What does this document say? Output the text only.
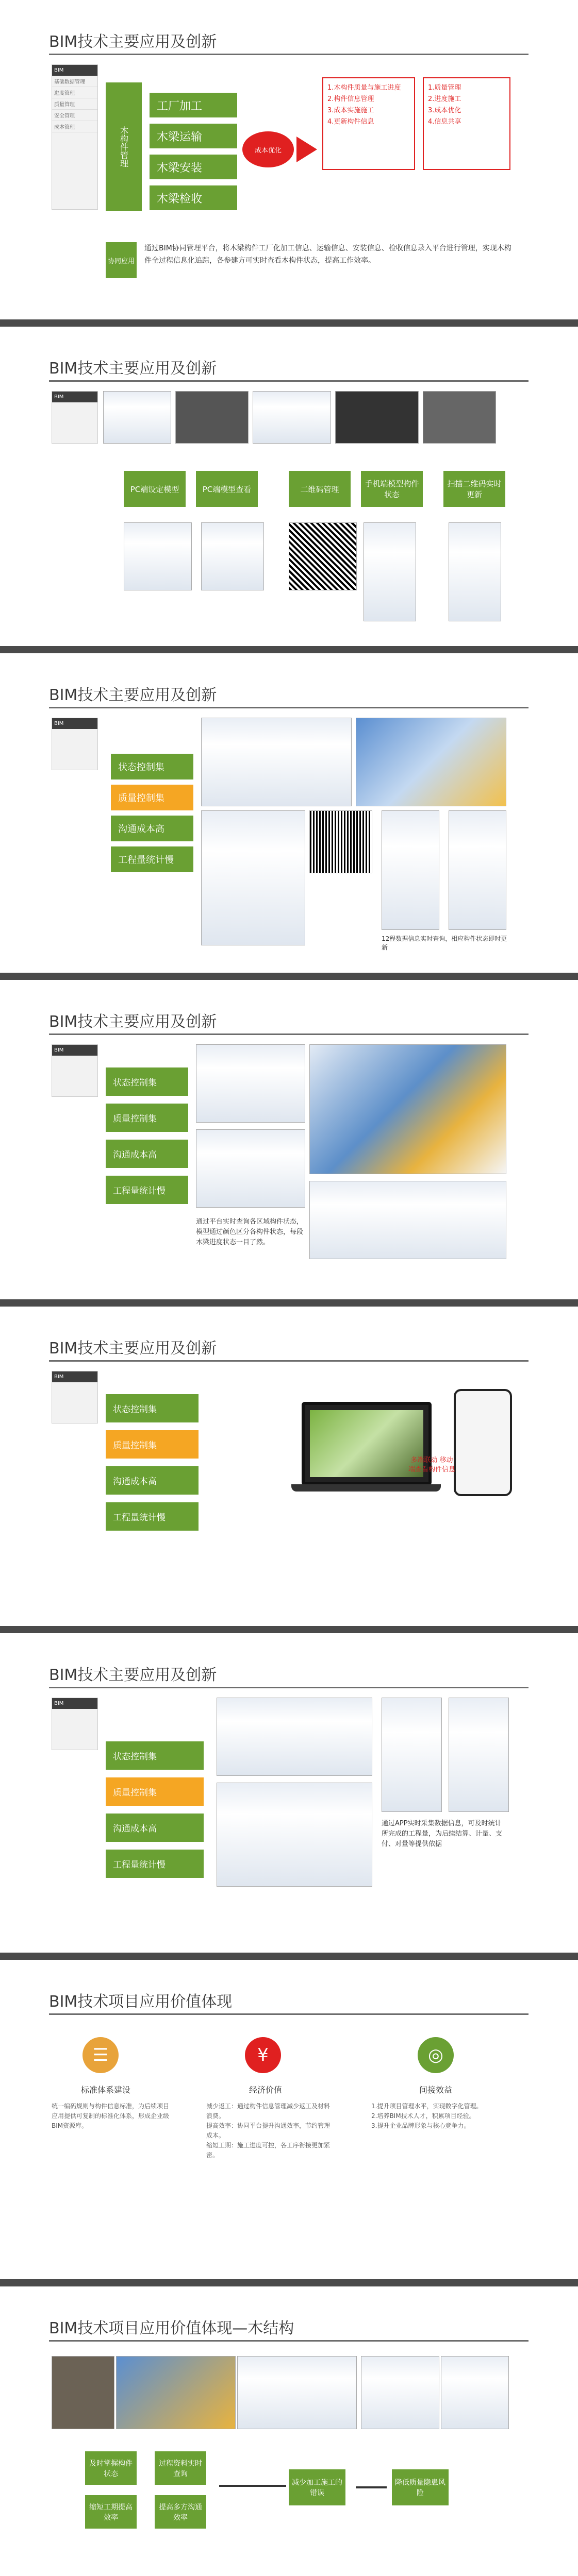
BIM技术主要应用及创新
BIM
基础数据管理
进度管理
质量管理
安全管理
成本管理	木构件管理
工厂加工
木梁运输
木梁安装
木梁检收
成本优化
1.木构件质量与施工进度
2.构件信息管理
3.成本实施施工
4.更新构件信息
1.质量管理
2.进度施工
3.成本优化
4.信息共享
协同应用
通过BIM协同管理平台，将木梁构件工厂化加工信息、运输信息、安装信息、检收信息录入平台进行管理，实现木构件全过程信息化追踪，各参建方可实时查看木构件状态，提高工作效率。
BIM技术主要应用及创新
BIM
PC端设定模型	PC端模型查看	二维码管理
手机端模型构件状态
扫描二维码实时更新
BIM技术主要应用及创新
BIM
状态控制集
质量控制集
沟通成本高
工程量统计慢
12程数据信息实时查询，相应构件状态即时更新
BIM技术主要应用及创新
BIM
状态控制集
质量控制集
沟通成本高
工程量统计慢
通过平台实时查询各区域构件状态，模型通过颜色区分各构件状态，每段木梁进度状态一目了然。
BIM技术主要应用及创新
BIM
状态控制集
质量控制集
沟通成本高
工程量统计慢
多端联动 移动端查看构件信息
BIM技术主要应用及创新
BIM
状态控制集
质量控制集
沟通成本高
工程量统计慢
通过APP实时采集数据信息，可及时统计所完成的工程量，为后续结算、计量、支付、对量等提供依据
BIM技术项目应用价值体现
☰	¥	◎
标准体系建设	经济价值	间接效益
统一编码规则与构件信息标准，为后续项目应用提供可复制的标准化体系，形成企业级BIM资源库。
减少返工：通过构件信息管理减少返工及材料浪费。
提高效率：协同平台提升沟通效率，节约管理成本。
缩短工期：施工进度可控，各工序衔接更加紧密。
1.提升项目管理水平，实现数字化管理。
2.培养BIM技术人才，积累项目经验。
3.提升企业品牌形象与核心竞争力。
BIM技术项目应用价值体现—木结构
及时掌握构件状态
过程资料实时查询
缩短工期提高效率
提高多方沟通效率
减少加工施工的错误
降低质量隐患风险
